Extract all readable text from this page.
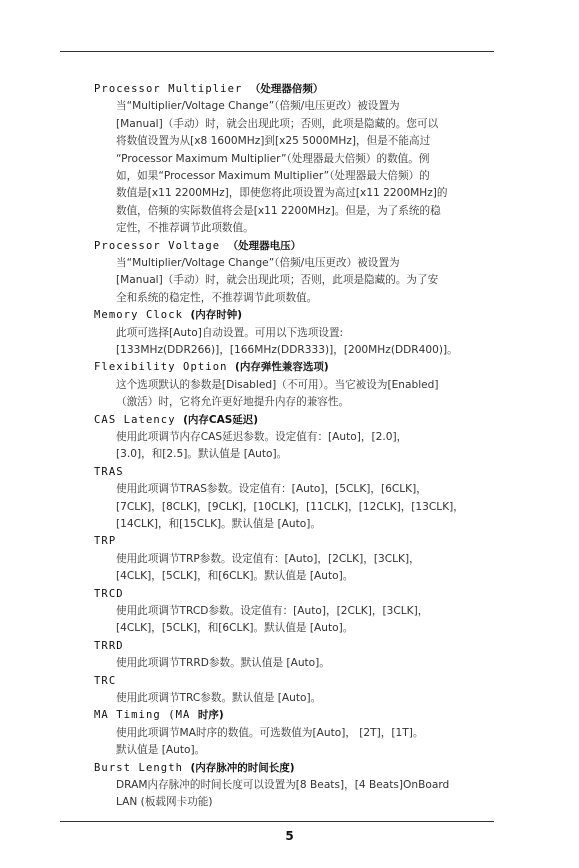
Processor Multiplier （处理器倍频）
当“Multiplier/Voltage Change”（倍频/电压更改）被设置为
[Manual]（手动）时，就会出现此项；否则，此项是隐藏的。您可以
将数值设置为从[x8 1600MHz]到[x25 5000MHz]，但是不能高过
“Processor Maximum Multiplier”（处理器最大倍频）的数值。例
如，如果“Processor Maximum Multiplier”（处理器最大倍频）的
数值是[x11 2200MHz]，即使您将此项设置为高过[x11 2200MHz]的
数值，倍频的实际数值将会是[x11 2200MHz]。但是，为了系统的稳
定性，不推荐调节此项数值。
Processor Voltage （处理器电压）
当“Multiplier/Voltage Change”（倍频/电压更改）被设置为
[Manual]（手动）时，就会出现此项；否则，此项是隐藏的。为了安
全和系统的稳定性，不推荐调节此项数值。
Memory Clock (内存时钟)
此项可选择[Auto]自动设置。可用以下选项设置:
[133MHz(DDR266)]，[166MHz(DDR333)]，[200MHz(DDR400)]。
Flexibility Option (内存弹性兼容选项)
这个选项默认的参数是[Disabled]（不可用）。当它被设为[Enabled]
（激活）时，它将允许更好地提升内存的兼容性。
CAS Latency (内存CAS延迟)
使用此项调节内存CAS延迟参数。设定值有：[Auto]，[2.0]，
[3.0]，和[2.5]。默认值是 [Auto]。
TRAS
使用此项调节TRAS参数。设定值有：[Auto]，[5CLK]，[6CLK]，
[7CLK]，[8CLK]，[9CLK]，[10CLK]，[11CLK]，[12CLK]，[13CLK]，
[14CLK]，和[15CLK]。默认值是 [Auto]。
TRP
使用此项调节TRP参数。设定值有：[Auto]，[2CLK]，[3CLK]，
[4CLK]，[5CLK]，和[6CLK]。默认值是 [Auto]。
TRCD
使用此项调节TRCD参数。设定值有：[Auto]，[2CLK]，[3CLK]，
[4CLK]，[5CLK]，和[6CLK]。默认值是 [Auto]。
TRRD
使用此项调节TRRD参数。默认值是 [Auto]。
TRC
使用此项调节TRC参数。默认值是 [Auto]。
MA Timing (MA 时序)
使用此项调节MA时序的数值。可选数值为[Auto]， [2T]，[1T]。
默认值是 [Auto]。
Burst Length (内存脉冲的时间长度)
DRAM内存脉冲的时间长度可以设置为[8 Beats]，[4 Beats]OnBoard
LAN (板载网卡功能)
5
